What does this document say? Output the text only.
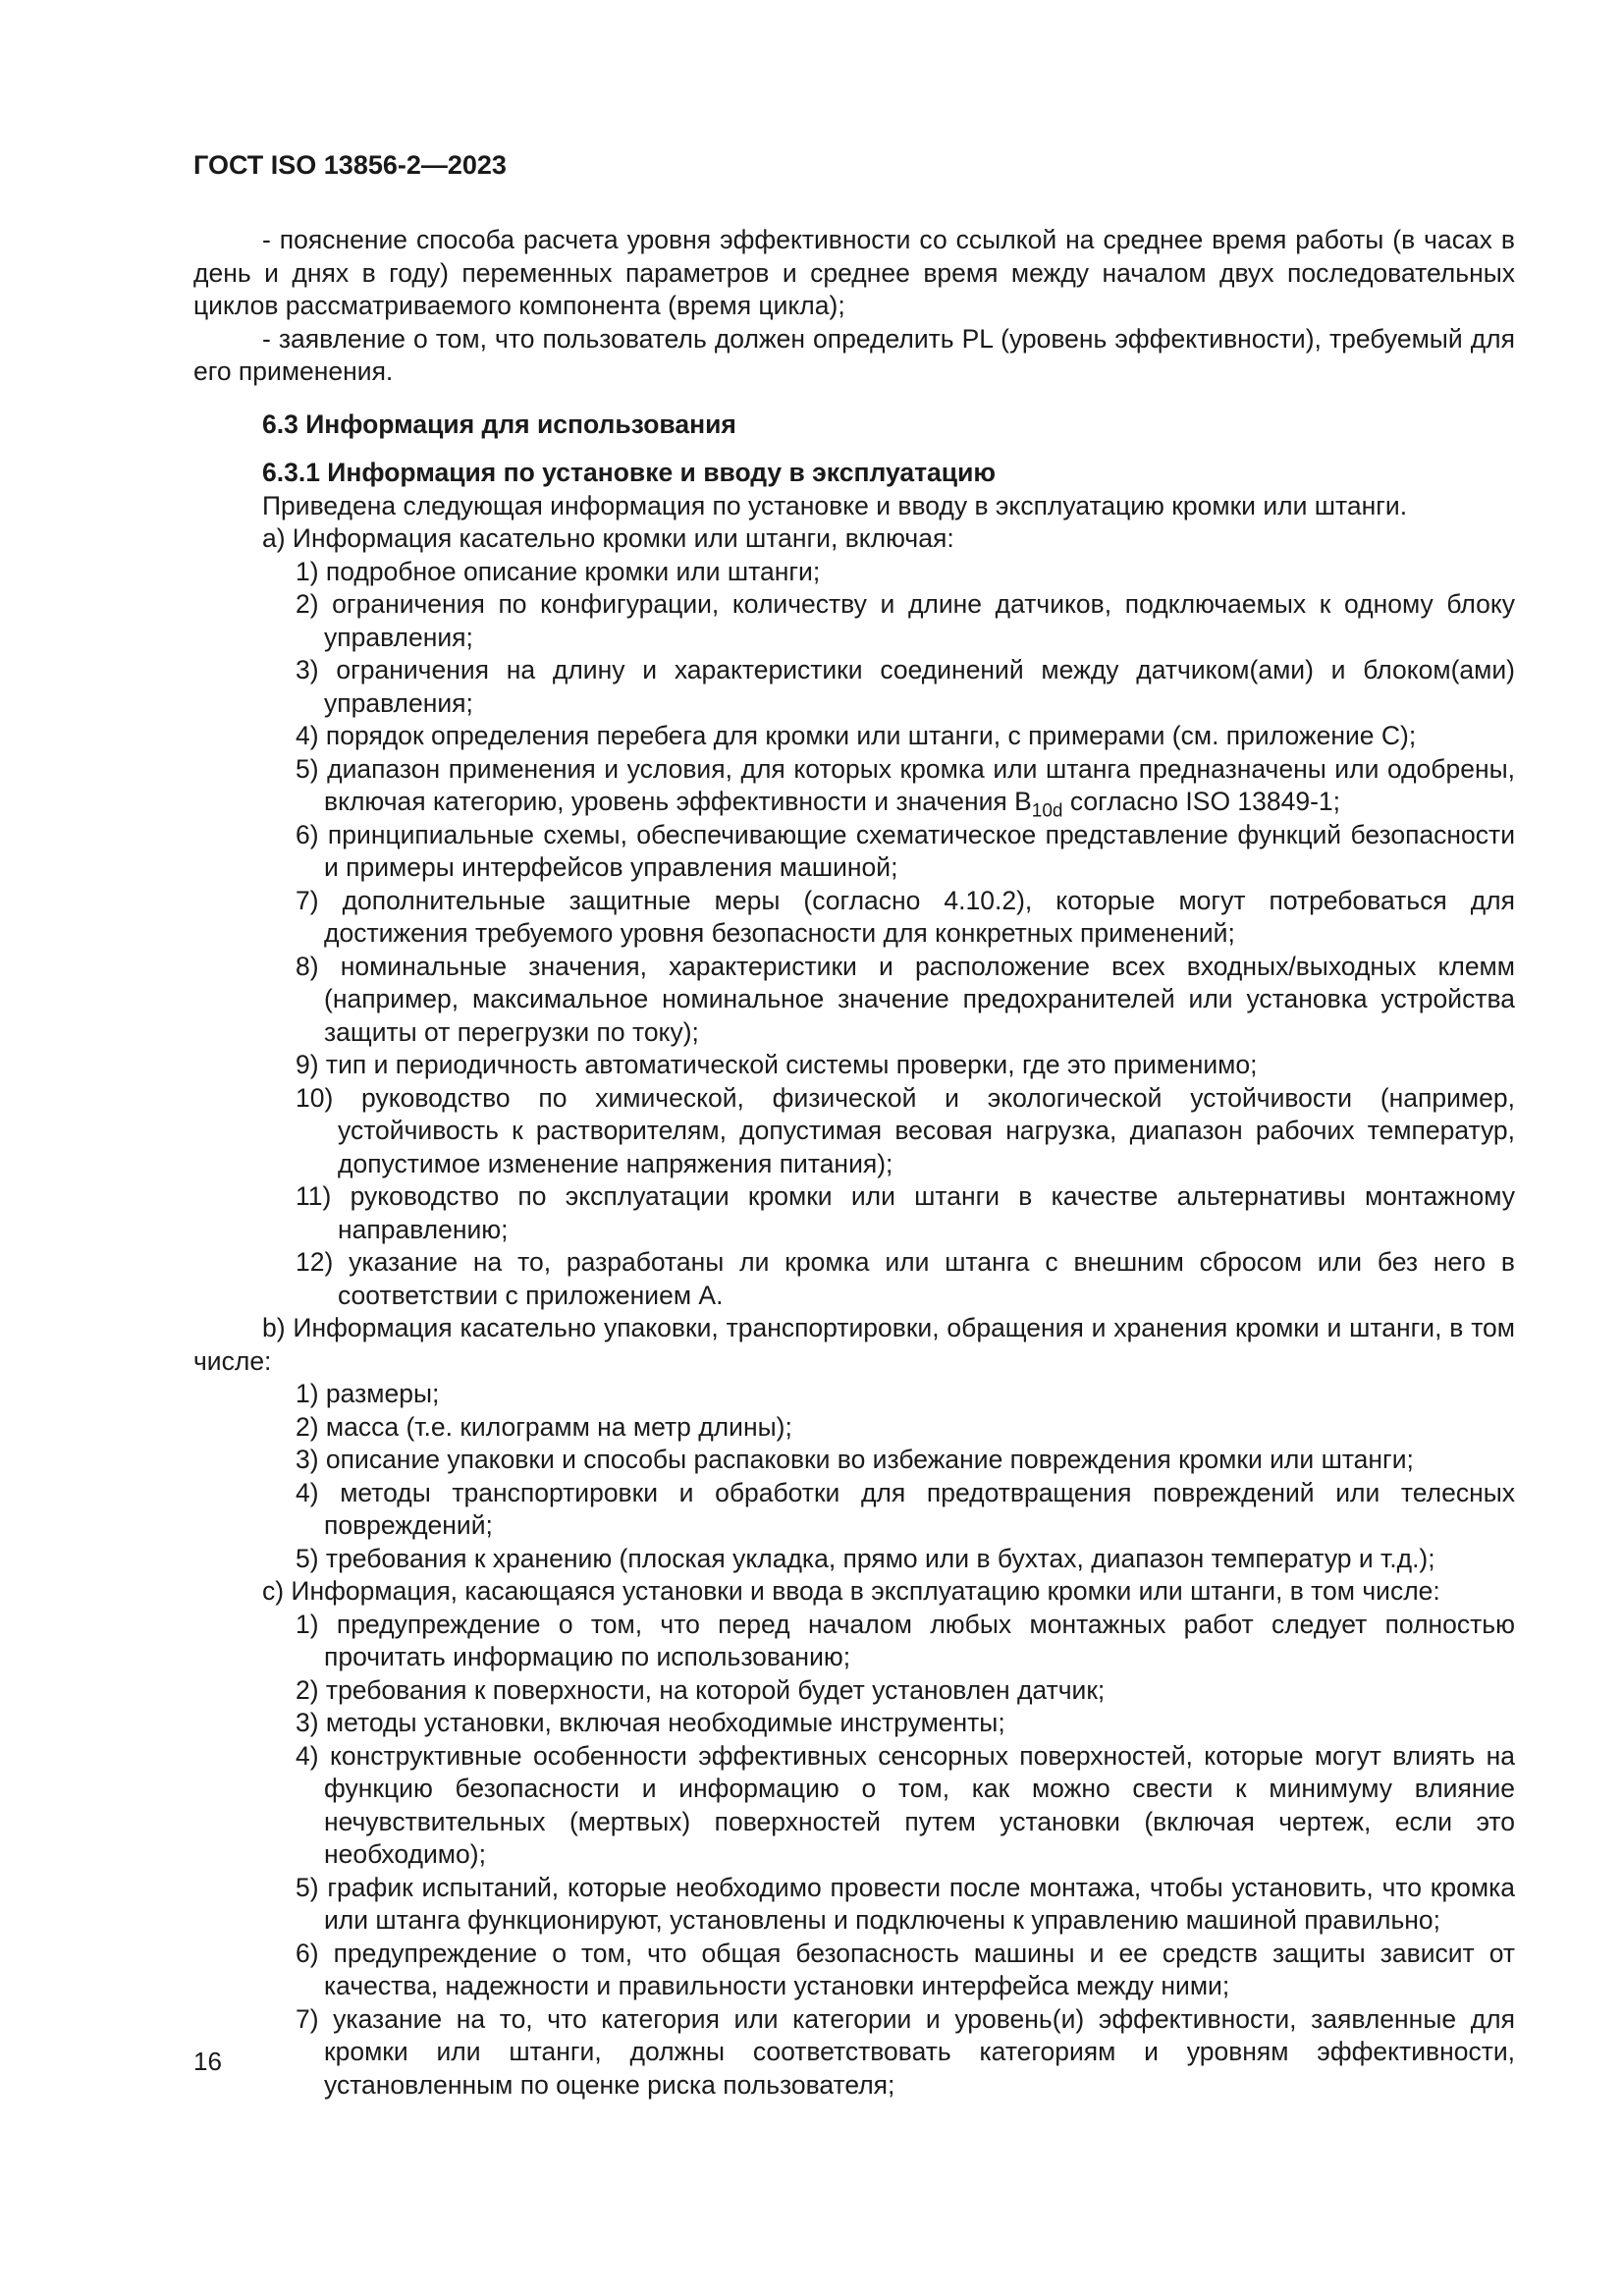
ГОСТ ISO 13856-2—2023

- пояснение способа расчета уровня эффективности со ссылкой на среднее время работы (в часах в день и днях в году) переменных параметров и среднее время между началом двух последовательных циклов рассматриваемого компонента (время цикла);

- заявление о том, что пользователь должен определить PL (уровень эффективности), требуемый для его применения.

6.3 Информация для использования

6.3.1 Информация по установке и вводу в эксплуатацию

Приведена следующая информация по установке и вводу в эксплуатацию кромки или штанги.

a) Информация касательно кромки или штанги, включая:

1) подробное описание кромки или штанги;

2) ограничения по конфигурации, количеству и длине датчиков, подключаемых к одному блоку управления;

3) ограничения на длину и характеристики соединений между датчиком(ами) и блоком(ами) управления;

4) порядок определения перебега для кромки или штанги, с примерами (см. приложение C);

5) диапазон применения и условия, для которых кромка или штанга предназначены или одобрены, включая категорию, уровень эффективности и значения $B_{10d}$ согласно ISO 13849-1;

6) принципиальные схемы, обеспечивающие схематическое представление функций безопасности и примеры интерфейсов управления машиной;

7) дополнительные защитные меры (согласно 4.10.2), которые могут потребоваться для достижения требуемого уровня безопасности для конкретных применений;

8) номинальные значения, характеристики и расположение всех входных/выходных клемм (например, максимальное номинальное значение предохранителей или установка устройства защиты от перегрузки по току);

9) тип и периодичность автоматической системы проверки, где это применимо;

10) руководство по химической, физической и экологической устойчивости (например, устойчивость к растворителям, допустимая весовая нагрузка, диапазон рабочих температур, допустимое изменение напряжения питания);

11) руководство по эксплуатации кромки или штанги в качестве альтернативы монтажному направлению;

12) указание на то, разработаны ли кромка или штанга с внешним сбросом или без него в соответствии с приложением A.

b) Информация касательно упаковки, транспортировки, обращения и хранения кромки и штанги, в том числе:

1) размеры;

2) масса (т.е. килограмм на метр длины);

3) описание упаковки и способы распаковки во избежание повреждения кромки или штанги;

4) методы транспортировки и обработки для предотвращения повреждений или телесных повреждений;

5) требования к хранению (плоская укладка, прямо или в бухтах, диапазон температур и т.д.);

c) Информация, касающаяся установки и ввода в эксплуатацию кромки или штанги, в том числе:

1) предупреждение о том, что перед началом любых монтажных работ следует полностью прочитать информацию по использованию;

2) требования к поверхности, на которой будет установлен датчик;

3) методы установки, включая необходимые инструменты;

4) конструктивные особенности эффективных сенсорных поверхностей, которые могут влиять на функцию безопасности и информацию о том, как можно свести к минимуму влияние нечувствительных (мертвых) поверхностей путем установки (включая чертеж, если это необходимо);

5) график испытаний, которые необходимо провести после монтажа, чтобы установить, что кромка или штанга функционируют, установлены и подключены к управлению машиной правильно;

6) предупреждение о том, что общая безопасность машины и ее средств защиты зависит от качества, надежности и правильности установки интерфейса между ними;

7) указание на то, что категория или категории и уровень(и) эффективности, заявленные для кромки или штанги, должны соответствовать категориям и уровням эффективности, установленным по оценке риска пользователя;

16
